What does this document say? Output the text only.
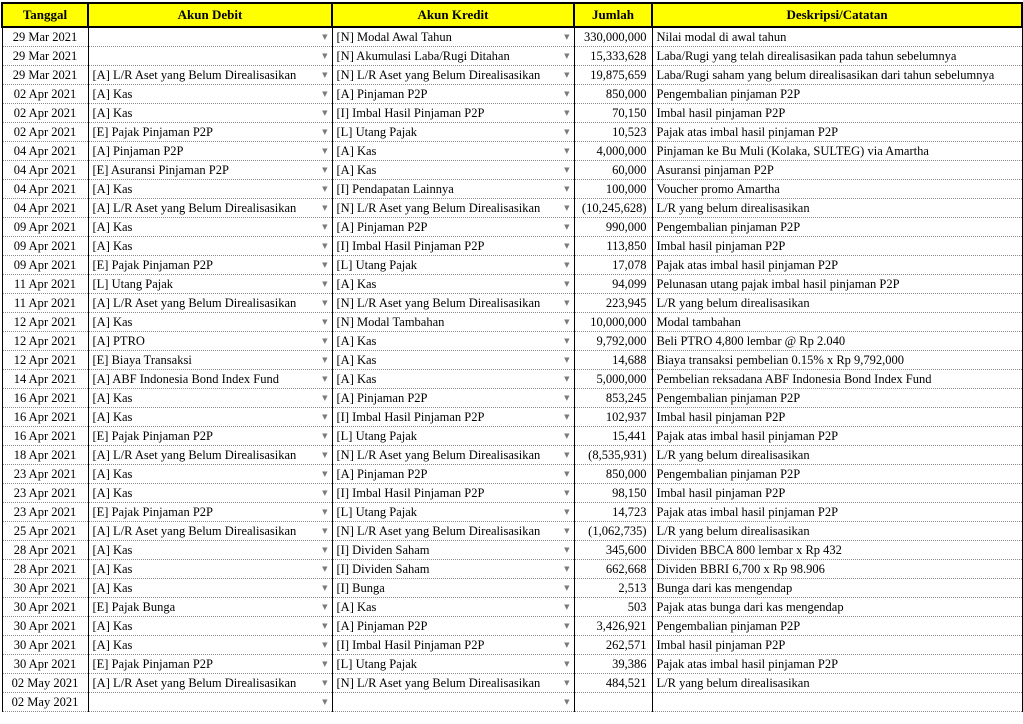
Tanggal	Akun Debit	Akun Kredit	Jumlah	Deskripsi/Catatan
29 Mar 2021	▼	[N] Modal Awal Tahun ▼	330,000,000	Nilai modal di awal tahun
29 Mar 2021	▼	[N] Akumulasi Laba/Rugi Ditahan ▼	15,333,628	Laba/Rugi yang telah direalisasikan pada tahun sebelumnya
29 Mar 2021	[A] L/R Aset yang Belum Direalisasikan ▼	[N] L/R Aset yang Belum Direalisasikan ▼	19,875,659	Laba/Rugi saham yang belum direalisasikan dari tahun sebelumnya
02 Apr 2021	[A] Kas ▼	[A] Pinjaman P2P ▼	850,000	Pengembalian pinjaman P2P
02 Apr 2021	[A] Kas ▼	[I] Imbal Hasil Pinjaman P2P ▼	70,150	Imbal hasil pinjaman P2P
02 Apr 2021	[E] Pajak Pinjaman P2P ▼	[L] Utang Pajak ▼	10,523	Pajak atas imbal hasil pinjaman P2P
04 Apr 2021	[A] Pinjaman P2P ▼	[A] Kas ▼	4,000,000	Pinjaman ke Bu Muli (Kolaka, SULTEG) via Amartha
04 Apr 2021	[E] Asuransi Pinjaman P2P ▼	[A] Kas ▼	60,000	Asuransi pinjaman P2P
04 Apr 2021	[A] Kas ▼	[I] Pendapatan Lainnya ▼	100,000	Voucher promo Amartha
04 Apr 2021	[A] L/R Aset yang Belum Direalisasikan ▼	[N] L/R Aset yang Belum Direalisasikan ▼	(10,245,628)	L/R yang belum direalisasikan
09 Apr 2021	[A] Kas ▼	[A] Pinjaman P2P ▼	990,000	Pengembalian pinjaman P2P
09 Apr 2021	[A] Kas ▼	[I] Imbal Hasil Pinjaman P2P ▼	113,850	Imbal hasil pinjaman P2P
09 Apr 2021	[E] Pajak Pinjaman P2P ▼	[L] Utang Pajak ▼	17,078	Pajak atas imbal hasil pinjaman P2P
11 Apr 2021	[L] Utang Pajak ▼	[A] Kas ▼	94,099	Pelunasan utang pajak imbal hasil pinjaman P2P
11 Apr 2021	[A] L/R Aset yang Belum Direalisasikan ▼	[N] L/R Aset yang Belum Direalisasikan ▼	223,945	L/R yang belum direalisasikan
12 Apr 2021	[A] Kas ▼	[N] Modal Tambahan ▼	10,000,000	Modal tambahan
12 Apr 2021	[A] PTRO ▼	[A] Kas ▼	9,792,000	Beli PTRO 4,800 lembar @ Rp 2.040
12 Apr 2021	[E] Biaya Transaksi ▼	[A] Kas ▼	14,688	Biaya transaksi pembelian 0.15% x Rp 9,792,000
14 Apr 2021	[A] ABF Indonesia Bond Index Fund ▼	[A] Kas ▼	5,000,000	Pembelian reksadana ABF Indonesia Bond Index Fund
16 Apr 2021	[A] Kas ▼	[A] Pinjaman P2P ▼	853,245	Pengembalian pinjaman P2P
16 Apr 2021	[A] Kas ▼	[I] Imbal Hasil Pinjaman P2P ▼	102,937	Imbal hasil pinjaman P2P
16 Apr 2021	[E] Pajak Pinjaman P2P ▼	[L] Utang Pajak ▼	15,441	Pajak atas imbal hasil pinjaman P2P
18 Apr 2021	[A] L/R Aset yang Belum Direalisasikan ▼	[N] L/R Aset yang Belum Direalisasikan ▼	(8,535,931)	L/R yang belum direalisasikan
23 Apr 2021	[A] Kas ▼	[A] Pinjaman P2P ▼	850,000	Pengembalian pinjaman P2P
23 Apr 2021	[A] Kas ▼	[I] Imbal Hasil Pinjaman P2P ▼	98,150	Imbal hasil pinjaman P2P
23 Apr 2021	[E] Pajak Pinjaman P2P ▼	[L] Utang Pajak ▼	14,723	Pajak atas imbal hasil pinjaman P2P
25 Apr 2021	[A] L/R Aset yang Belum Direalisasikan ▼	[N] L/R Aset yang Belum Direalisasikan ▼	(1,062,735)	L/R yang belum direalisasikan
28 Apr 2021	[A] Kas ▼	[I] Dividen Saham ▼	345,600	Dividen BBCA 800 lembar x Rp 432
28 Apr 2021	[A] Kas ▼	[I] Dividen Saham ▼	662,668	Dividen BBRI 6,700 x Rp 98.906
30 Apr 2021	[A] Kas ▼	[I] Bunga ▼	2,513	Bunga dari kas mengendap
30 Apr 2021	[E] Pajak Bunga ▼	[A] Kas ▼	503	Pajak atas bunga dari kas mengendap
30 Apr 2021	[A] Kas ▼	[A] Pinjaman P2P ▼	3,426,921	Pengembalian pinjaman P2P
30 Apr 2021	[A] Kas ▼	[I] Imbal Hasil Pinjaman P2P ▼	262,571	Imbal hasil pinjaman P2P
30 Apr 2021	[E] Pajak Pinjaman P2P ▼	[L] Utang Pajak ▼	39,386	Pajak atas imbal hasil pinjaman P2P
02 May 2021	[A] L/R Aset yang Belum Direalisasikan ▼	[N] L/R Aset yang Belum Direalisasikan ▼	484,521	L/R yang belum direalisasikan
02 May 2021	▼	▼		
